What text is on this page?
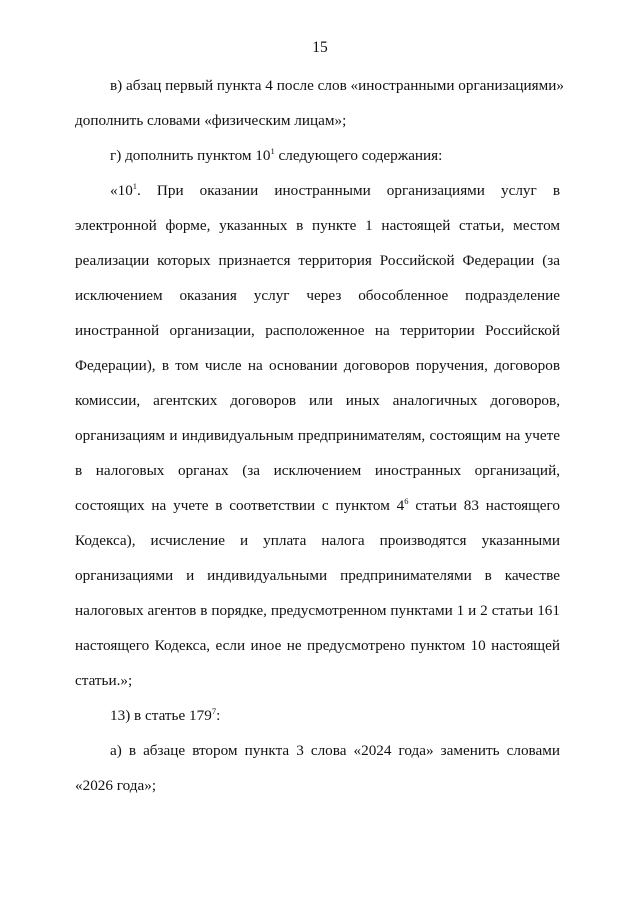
15
в) абзац первый пункта 4 после слов «иностранными организациями»
дополнить словами «физическим лицам»;
г) дополнить пунктом $10^1$ следующего содержания:
«$10^1$. При оказании иностранными организациями услуг в
электронной форме, указанных в пункте 1 настоящей статьи, местом
реализации которых признается территория Российской Федерации (за
исключением оказания услуг через обособленное подразделение
иностранной организации, расположенное на территории Российской
Федерации), в том числе на основании договоров поручения, договоров
комиссии, агентских договоров или иных аналогичных договоров,
организациям и индивидуальным предпринимателям, состоящим на учете
в налоговых органах (за исключением иностранных организаций,
состоящих на учете в соответствии с пунктом $4^6$ статьи 83 настоящего
Кодекса), исчисление и уплата налога производятся указанными
организациями и индивидуальными предпринимателями в качестве
налоговых агентов в порядке, предусмотренном пунктами 1 и 2 статьи 161
настоящего Кодекса, если иное не предусмотрено пунктом 10 настоящей
статьи.»;
13) в статье $179^7$:
а) в абзаце втором пункта 3 слова «2024 года» заменить словами
«2026 года»;
